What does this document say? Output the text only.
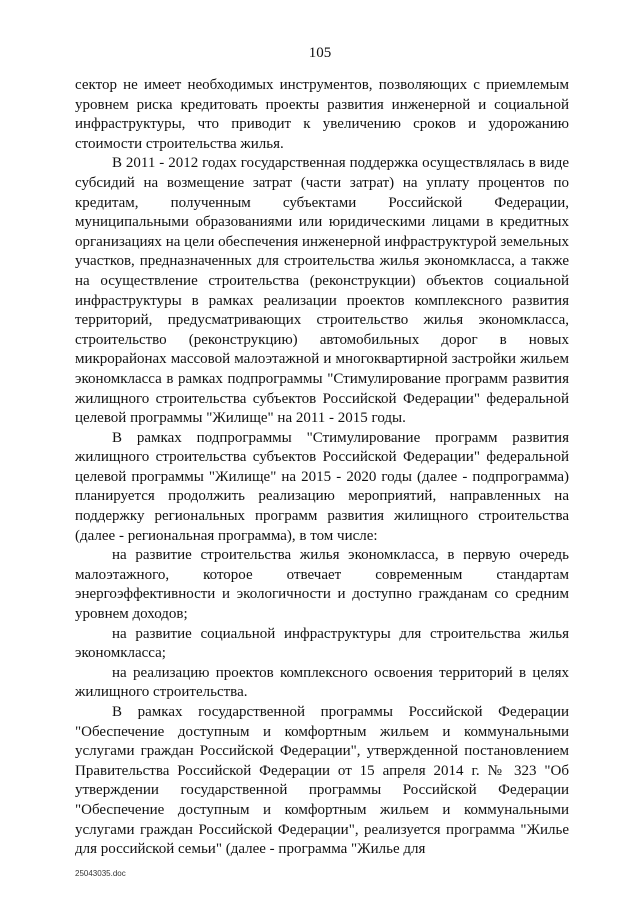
105

сектор не имеет необходимых инструментов, позволяющих с приемлемым уровнем риска кредитовать проекты развития инженерной и социальной инфраструктуры, что приводит к увеличению сроков и удорожанию стоимости строительства жилья.

В 2011 - 2012 годах государственная поддержка осуществлялась в виде субсидий на возмещение затрат (части затрат) на уплату процентов по кредитам, полученным субъектами Российской Федерации, муниципальными образованиями или юридическими лицами в кредитных организациях на цели обеспечения инженерной инфраструктурой земельных участков, предназначенных для строительства жилья экономкласса, а также на осуществление строительства (реконструкции) объектов социальной инфраструктуры в рамках реализации проектов комплексного развития территорий, предусматривающих строительство жилья экономкласса, строительство (реконструкцию) автомобильных дорог в новых микрорайонах массовой малоэтажной и многоквартирной застройки жильем экономкласса в рамках подпрограммы "Стимулирование программ развития жилищного строительства субъектов Российской Федерации" федеральной целевой программы "Жилище" на 2011 - 2015 годы.

В рамках подпрограммы "Стимулирование программ развития жилищного строительства субъектов Российской Федерации" федеральной целевой программы "Жилище" на 2015 - 2020 годы (далее - подпрограмма) планируется продолжить реализацию мероприятий, направленных на поддержку региональных программ развития жилищного строительства (далее - региональная программа), в том числе:

на развитие строительства жилья экономкласса, в первую очередь малоэтажного, которое отвечает современным стандартам энергоэффективности и экологичности и доступно гражданам со средним уровнем доходов;

на развитие социальной инфраструктуры для строительства жилья экономкласса;

на реализацию проектов комплексного освоения территорий в целях жилищного строительства.

В рамках государственной программы Российской Федерации "Обеспечение доступным и комфортным жильем и коммунальными услугами граждан Российской Федерации", утвержденной постановлением Правительства Российской Федерации от 15 апреля 2014 г. № 323 "Об утверждении государственной программы Российской Федерации "Обеспечение доступным и комфортным жильем и коммунальными услугами граждан Российской Федерации", реализуется программа "Жилье для российской семьи" (далее - программа "Жилье для

25043035.doc
